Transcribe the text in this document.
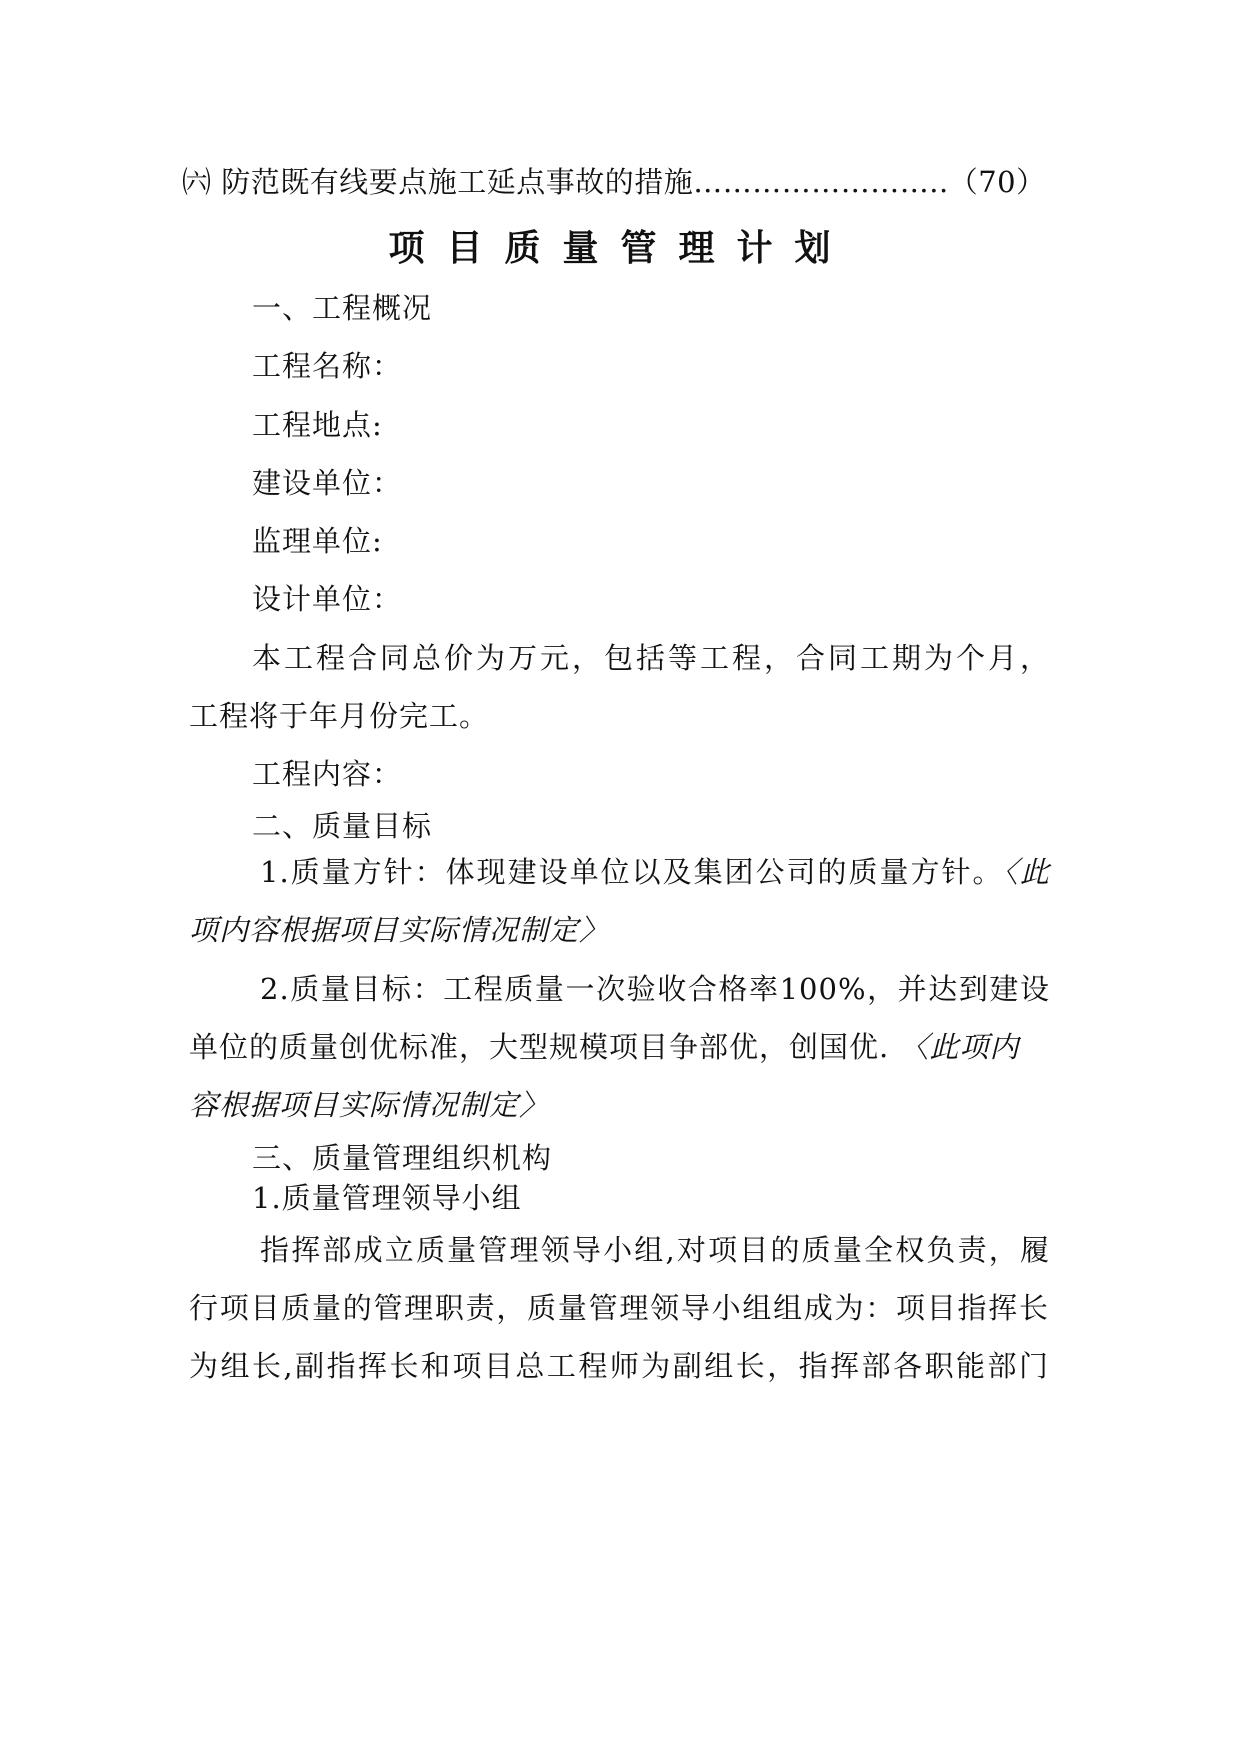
㈥ 防范既有线要点施工延点事故的措施……………………..（70）
项目质量管理计划
一、工程概况
工程名称：
工程地点:
建设单位：
监理单位:
设计单位：
本工程合同总价为万元，包括等工程，合同工期为个月，
工程将于年月份完工。
工程内容：
二、质量目标
1.质量方针：体现建设单位以及集团公司的质量方针。〈此
项内容根据项目实际情况制定〉
2.质量目标：工程质量一次验收合格率100%，并达到建设
单位的质量创优标准，大型规模项目争部优，创国优. 〈此项内
容根据项目实际情况制定〉
三、质量管理组织机构
1.质量管理领导小组
指挥部成立质量管理领导小组,对项目的质量全权负责，履
行项目质量的管理职责，质量管理领导小组组成为：项目指挥长
为组长,副指挥长和项目总工程师为副组长，指挥部各职能部门
